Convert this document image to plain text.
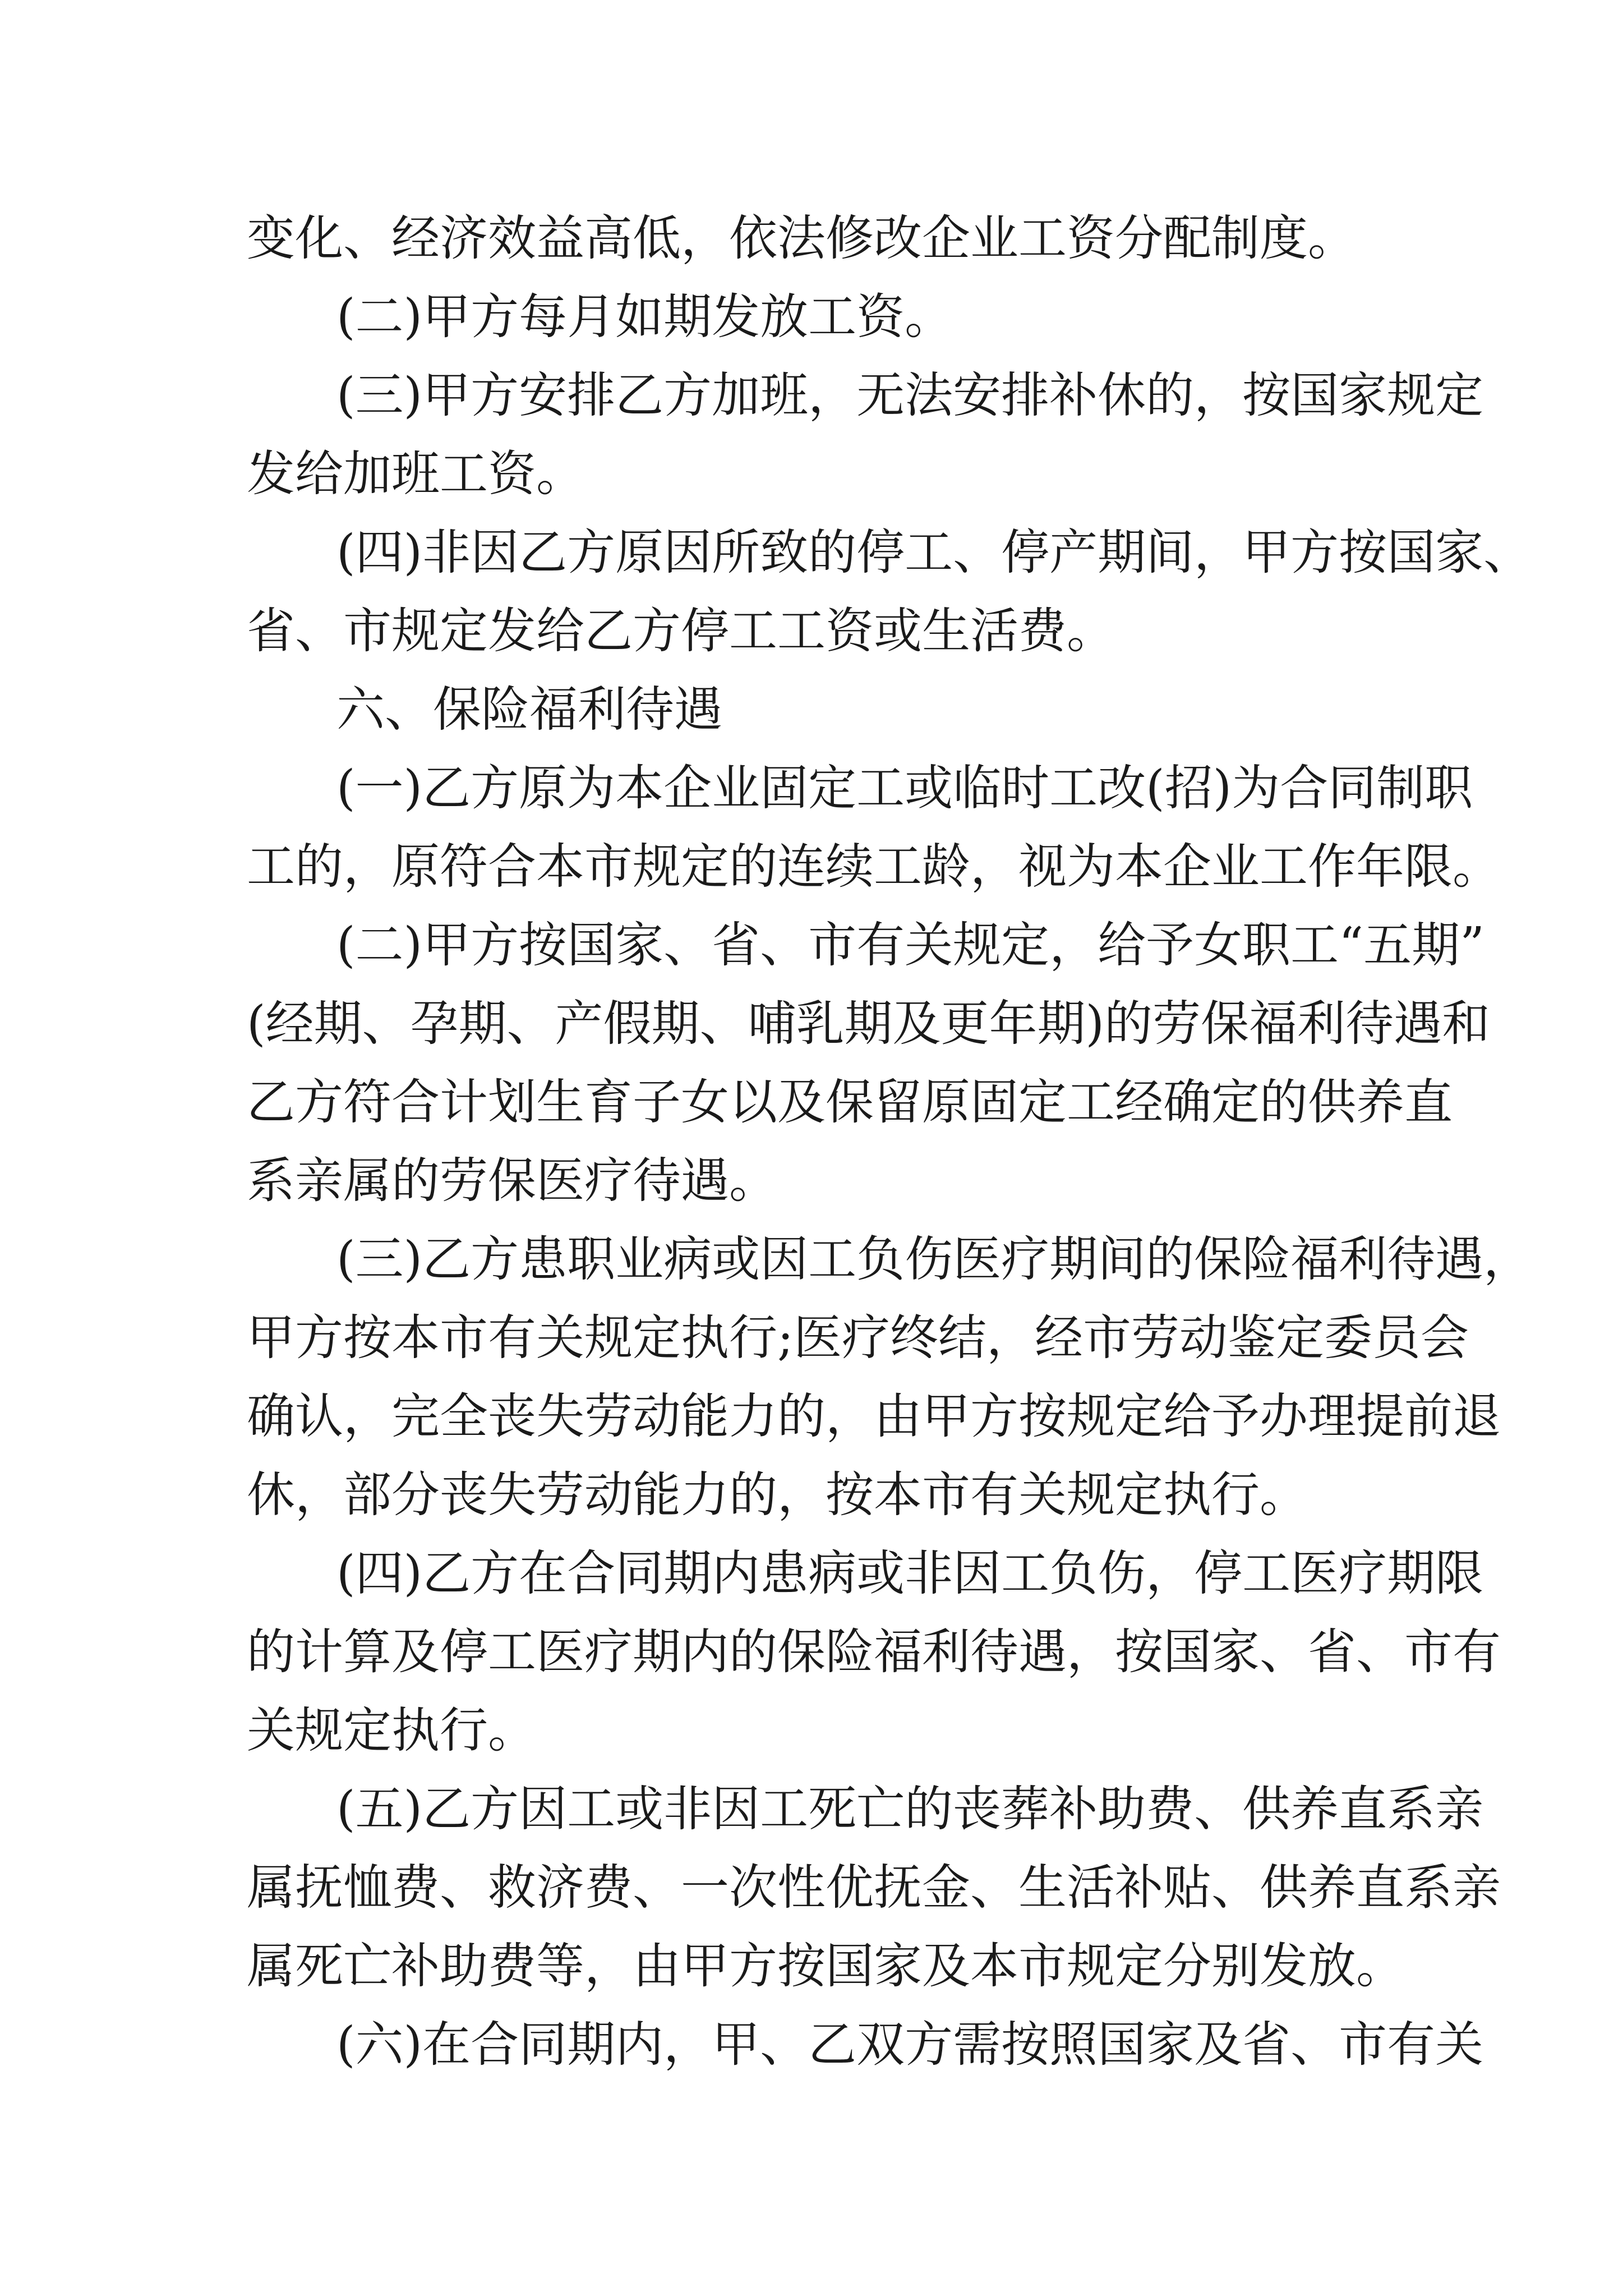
变化、经济效益高低，依法修改企业工资分配制度。
(二)甲方每月如期发放工资。
(三)甲方安排乙方加班，无法安排补休的，按国家规定
发给加班工资。
(四)非因乙方原因所致的停工、停产期间，甲方按国家、
省、市规定发给乙方停工工资或生活费。
六、保险福利待遇
(一)乙方原为本企业固定工或临时工改(招)为合同制职
工的，原符合本市规定的连续工龄，视为本企业工作年限。
(二)甲方按国家、省、市有关规定，给予女职工“五期”
(经期、孕期、产假期、哺乳期及更年期)的劳保福利待遇和
乙方符合计划生育子女以及保留原固定工经确定的供养直
系亲属的劳保医疗待遇。
(三)乙方患职业病或因工负伤医疗期间的保险福利待遇，
甲方按本市有关规定执行;医疗终结，经市劳动鉴定委员会
确认，完全丧失劳动能力的，由甲方按规定给予办理提前退
休，部分丧失劳动能力的，按本市有关规定执行。
(四)乙方在合同期内患病或非因工负伤，停工医疗期限
的计算及停工医疗期内的保险福利待遇，按国家、省、市有
关规定执行。
(五)乙方因工或非因工死亡的丧葬补助费、供养直系亲
属抚恤费、救济费、一次性优抚金、生活补贴、供养直系亲
属死亡补助费等，由甲方按国家及本市规定分别发放。
(六)在合同期内，甲、乙双方需按照国家及省、市有关
